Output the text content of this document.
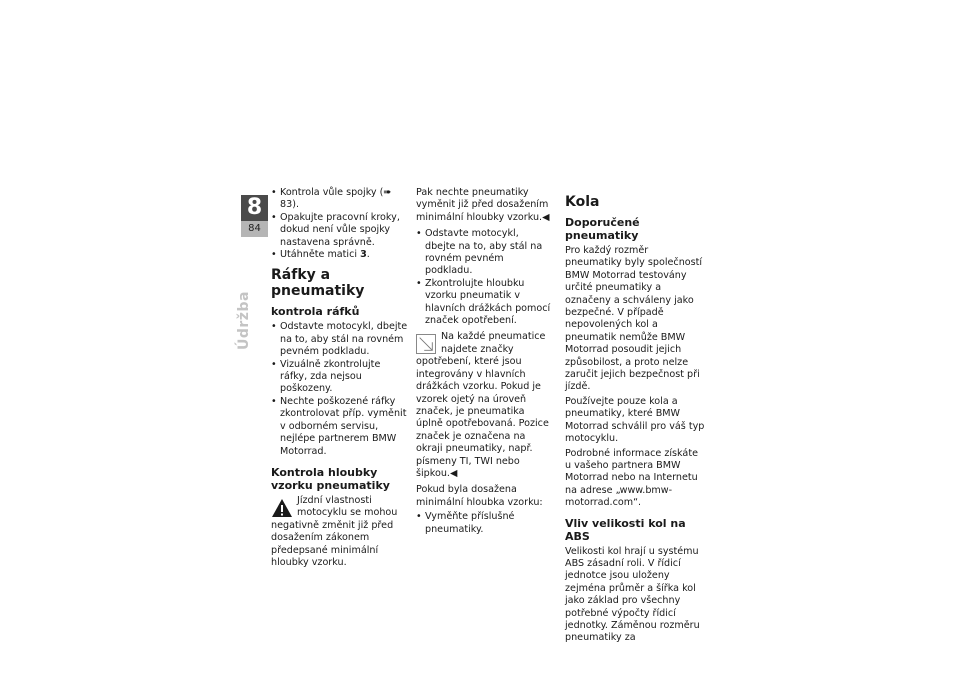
8
84
Údržba
• Kontrola vůle spojky (➠ 83).
• Opakujte pracovní kroky, dokud není vůle spojky nastavena správně.
• Utáhněte matici 3.
Ráfky a pneumatiky
kontrola ráfků
• Odstavte motocykl, dbejte na to, aby stál na rovném pevném podkladu.
• Vizuálně zkontrolujte ráfky, zda nejsou poškozeny.
• Nechte poškozené ráfky zkontrolovat příp. vyměnit v odborném servisu, nejlépe partnerem BMW Motorrad.
Kontrola hloubky vzorku pneumatiky
Jízdní vlastnosti motocyklu se mohou negativně změnit již před dosažením zákonem předepsané minimální hloubky vzorku.

Pak nechte pneumatiky vyměnit již před dosažením minimální hloubky vzorku.◀

• Odstavte motocykl, dbejte na to, aby stál na rovném pevném podkladu.
• Zkontrolujte hloubku vzorku pneumatik v hlavních drážkách pomocí značek opotřebení.
Na každé pneumatice najdete značky opotřebení, které jsou integrovány v hlavních drážkách vzorku. Pokud je vzorek ojetý na úroveň značek, je pneumatika úplně opotřebovaná. Pozice značek je označena na okraji pneumatiky, např. písmeny TI, TWI nebo šipkou.◀

Pokud byla dosažena minimální hloubka vzorku:

• Vyměňte příslušné pneumatiky.
Kola
Doporučené pneumatiky

Pro každý rozměr pneumatiky byly společností BMW Motorrad testovány určité pneumatiky a označeny a schváleny jako bezpečné. V případě nepovolených kol a pneumatik nemůže BMW Motorrad posoudit jejich způsobilost, a proto nelze zaručit jejich bezpečnost při jízdě.

Používejte pouze kola a pneumatiky, které BMW Motorrad schválil pro váš typ motocyklu.

Podrobné informace získáte u vašeho partnera BMW Motorrad nebo na Internetu na adrese „www.bmw-motorrad.com“.

Vliv velikosti kol na ABS

Velikosti kol hrají u systému ABS zásadní roli. V řídicí jednotce jsou uloženy zejména průměr a šířka kol jako základ pro všechny potřebné výpočty řídicí jednotky. Záměnou rozměru pneumatiky za
